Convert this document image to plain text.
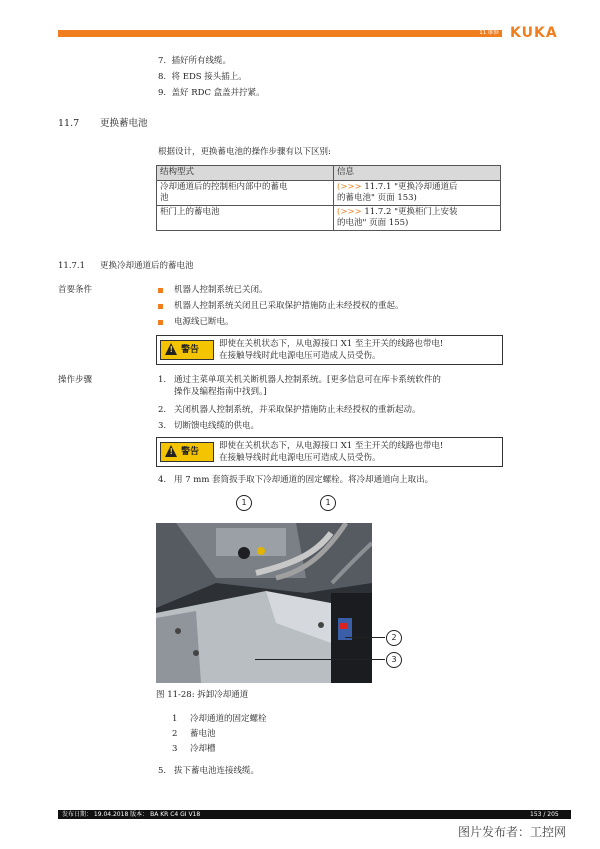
11 维修 KUKA
7. 插好所有线缆。
8. 将 EDS 接头插上。
9. 盖好 RDC 盒盖并拧紧。
11.7 更换蓄电池
根据设计，更换蓄电池的操作步骤有以下区别:
结构型式	信息
冷却通道后的控制柜内部中的蓄电
池	(>>> 11.7.1 "更换冷却通道后
的蓄电池" 页面 153)
柜门上的蓄电池	(>>> 11.7.2 "更换柜门上安装
的电池" 页面 155)
11.7.1 更换冷却通道后的蓄电池
首要条件	机器人控制系统已关闭。
机器人控制系统关闭且已采取保护措施防止未经授权的重起。
电源线已断电。
! 警告
即使在关机状态下，从电源接口 X1 至主开关的线路也带电!
在接触导线时此电源电压可造成人员受伤。
操作步骤	1. 通过主菜单项关机关断机器人控制系统。[更多信息可在库卡系统软件的
操作及编程指南中找到。]
2. 关闭机器人控制系统，并采取保护措施防止未经授权的重新起动。
3. 切断馈电线缆的供电。
! 警告
即使在关机状态下，从电源接口 X1 至主开关的线路也带电!
在接触导线时此电源电压可造成人员受伤。
4. 用 7 mm 套筒扳手取下冷却通道的固定螺栓。将冷却通道向上取出。
1	1
2
3
图 11-28: 拆卸冷却通道
1 冷却通道的固定螺栓
2 蓄电池
3 冷却槽
5. 拔下蓄电池连接线缆。
发布日期： 19.04.2018 版本： BA KR C4 GI V18	153 / 205
图片发布者：工控网
